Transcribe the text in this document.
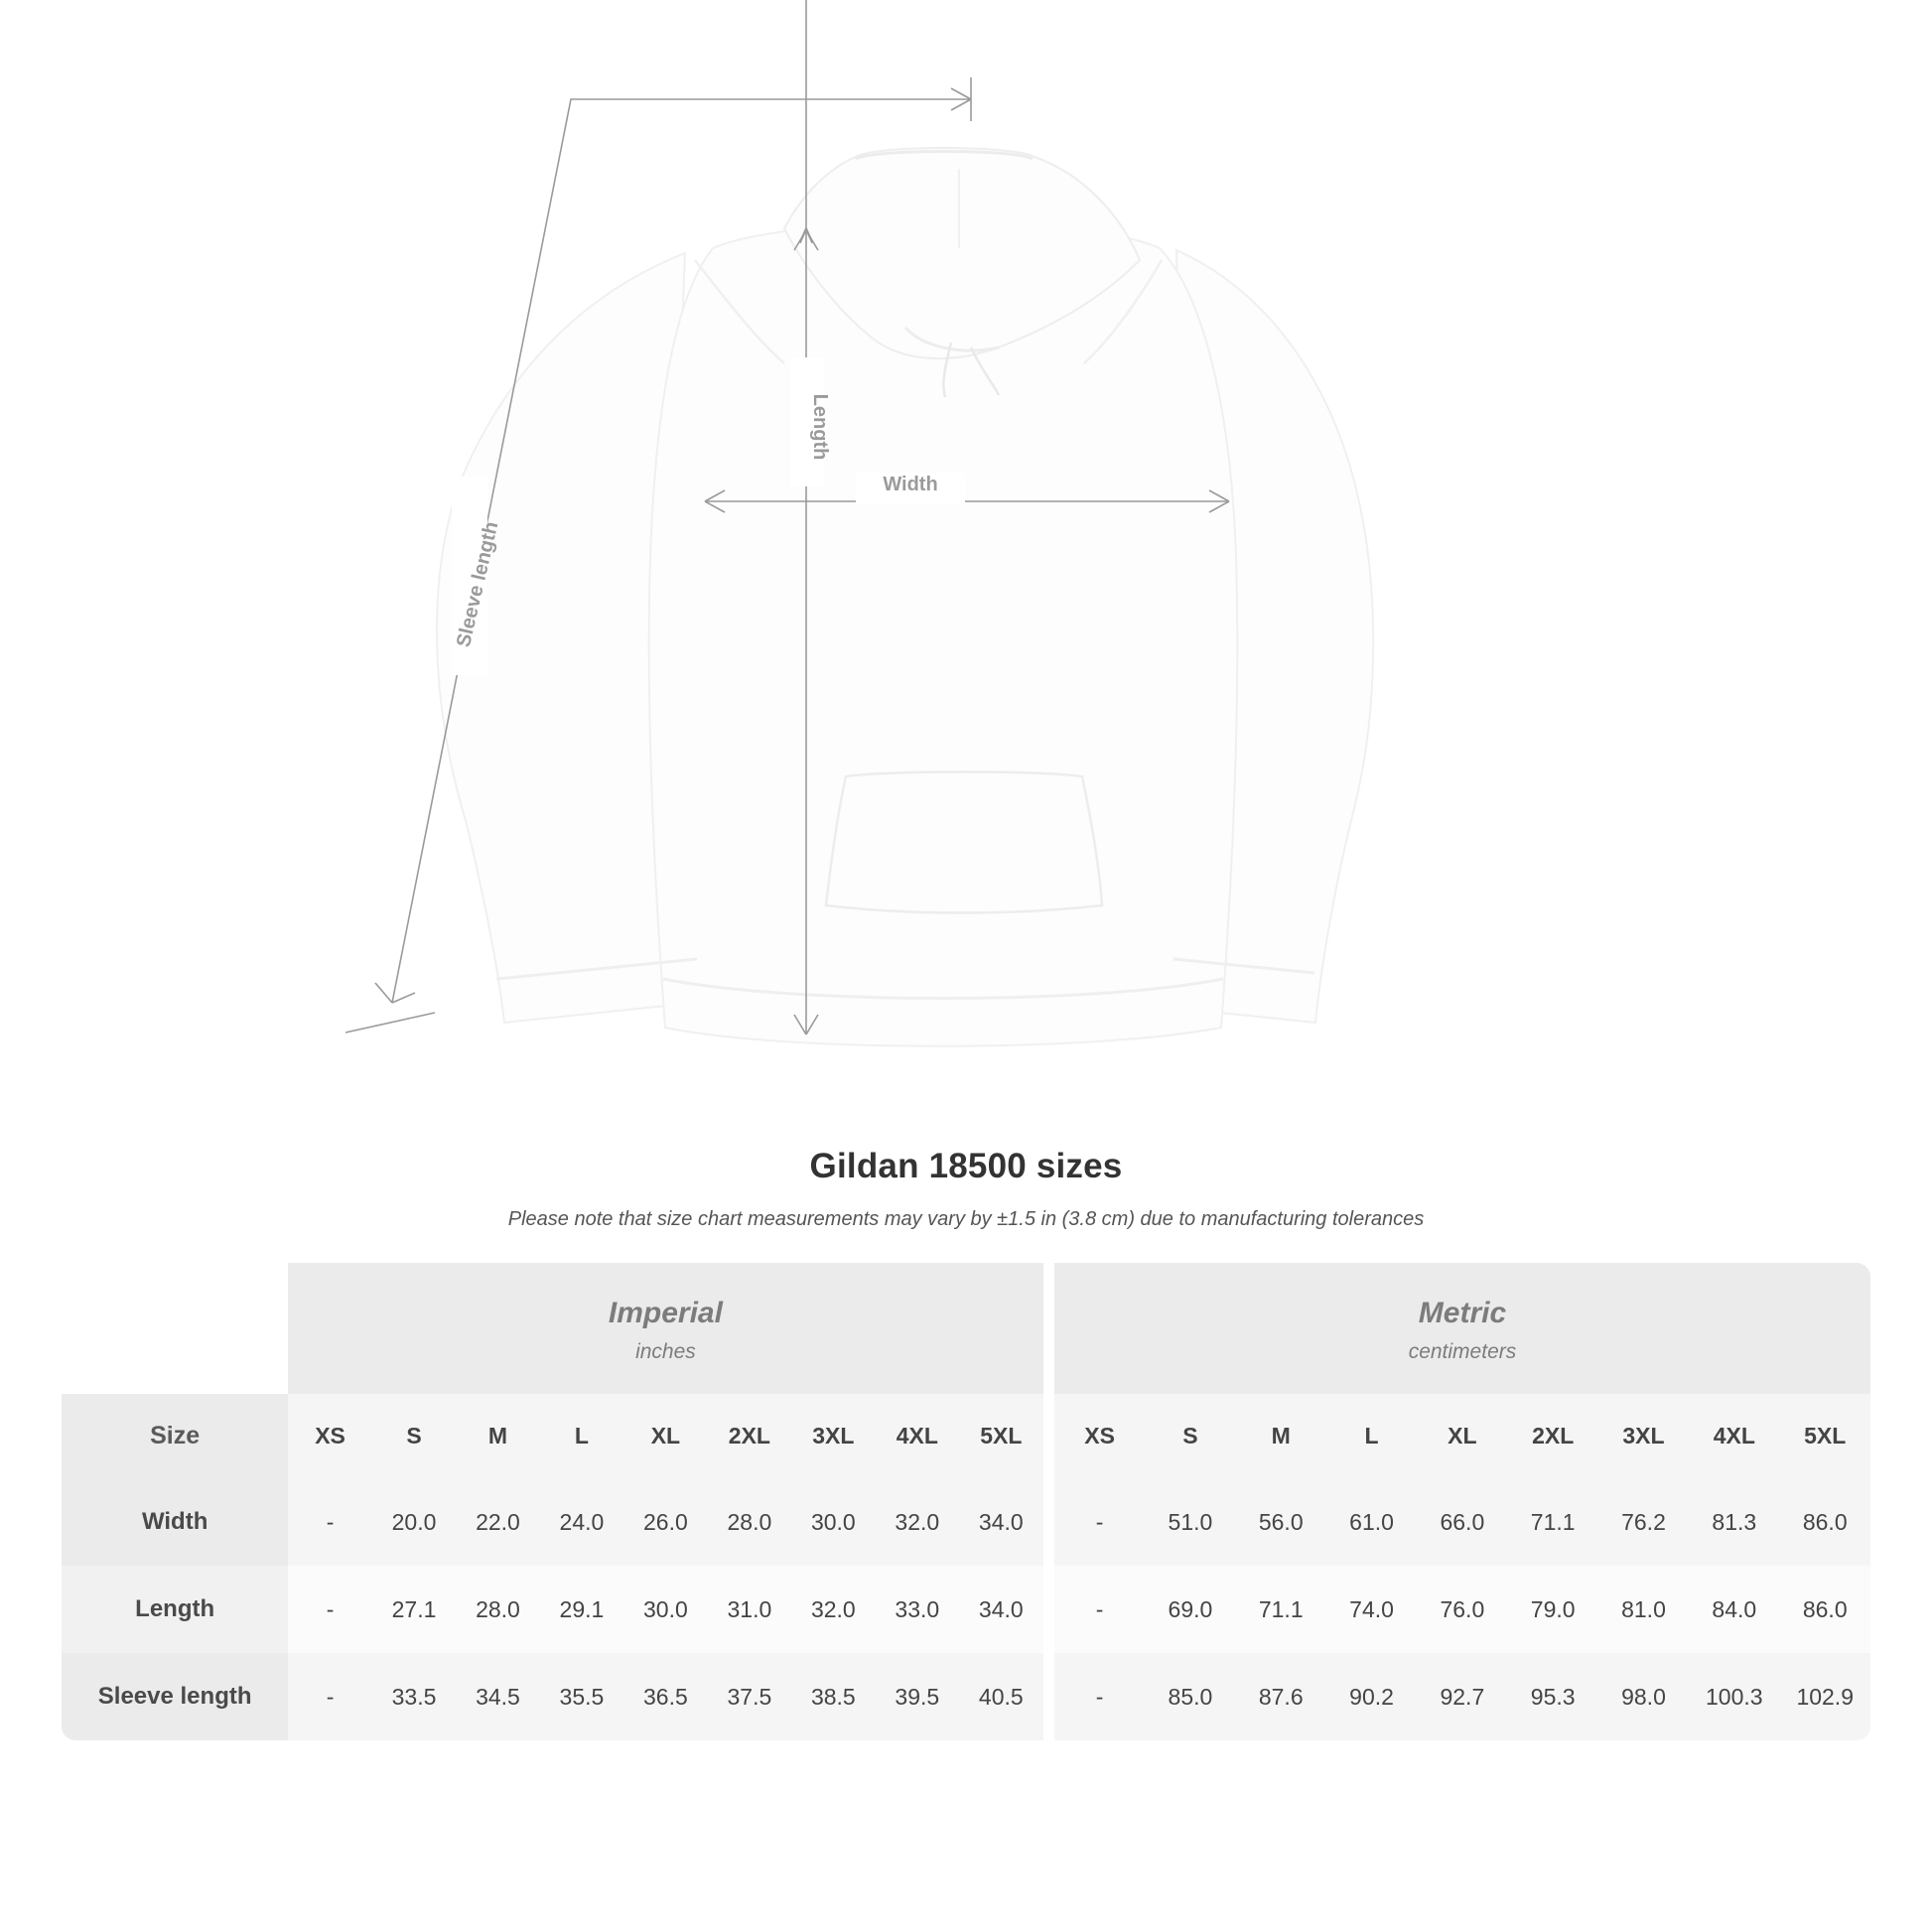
Length
Width
Sleeve length
Gildan 18500 sizes
Please note that size chart measurements may vary by ±1.5 in (3.8 cm) due to manufacturing tolerances

Imperial
inches

Metric
centimeters

Size	XS	S	M	L	XL	2XL	3XL	4XL	5XL		XS	S	M	L	XL	2XL	3XL	4XL	5XL
Width	-	20.0	22.0	24.0	26.0	28.0	30.0	32.0	34.0		-	51.0	56.0	61.0	66.0	71.1	76.2	81.3	86.0
Length	-	27.1	28.0	29.1	30.0	31.0	32.0	33.0	34.0		-	69.0	71.1	74.0	76.0	79.0	81.0	84.0	86.0
Sleeve length	-	33.5	34.5	35.5	36.5	37.5	38.5	39.5	40.5		-	85.0	87.6	90.2	92.7	95.3	98.0	100.3	102.9
